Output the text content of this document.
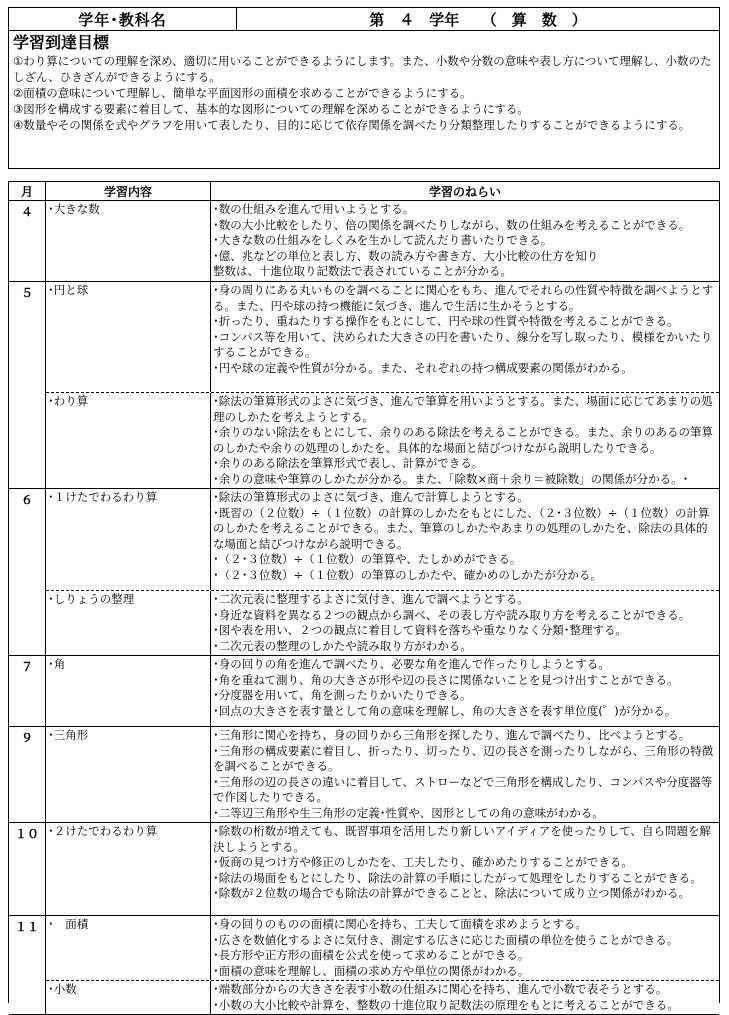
学年･教科名	第　４　学年　　（　算　数　）
学習到達目標
①わり算についての理解を深め、適切に用いることができるようにします。また、小数や分数の意味や表し方について理解し、小数のたしざん、ひきざんができるようにする。
②面積の意味について理解し、簡単な平面図形の面積を求めることができるようにする。
③図形を構成する要素に着目して、基本的な図形についての理解を深めることができるようにする。
④数量やその関係を式やグラフを用いて表したり、目的に応じて依存関係を調べたり分類整理したりすることができるようにする。
月	学習内容	学習のねらい
４	･大きな数	･数の仕組みを進んで用いようとする。
･数の大小比較をしたり、倍の関係を調べたりしながら、数の仕組みを考えることができる。
･大きな数の仕組みをしくみを生かして読んだり書いたりできる。
･億、兆などの単位と表し方、数の読み方や書き方、大小比較の仕方を知り
整数は、十進位取り記数法で表されていることが分かる。
５	･円と球	･身の周りにある丸いものを調べることに関心をもち、進んでそれらの性質や特徴を調べようとする。また、円や球の持つ機能に気づき、進んで生活に生かそうとする。
･折ったり、重ねたりする操作をもとにして、円や球の性質や特徴を考えることができる。
･コンパス等を用いて、決められた大きさの円を書いたり、線分を写し取ったり、模様をかいたりすることができる。
･円や球の定義や性質が分かる。また、それぞれの持つ構成要素の関係がわかる。
･わり算	･除法の筆算形式のよさに気づき、進んで筆算を用いようとする。また、場面に応じてあまりの処理のしかたを考えようとする。
･余りのない除法をもとにして、余りのある除法を考えることができる。また、余りのあるの筆算のしかたや余りの処理のしかたを、具体的な場面と結びつけながら説明したりできる。
･余りのある除法を筆算形式で表し、計算ができる。
･余りの意味や筆算のしかたが分かる。また、「除数×商＋余り＝被除数」の関係が分かる。･
６	･１けたでわるわり算	･除法の筆算形式のよさに気づき、進んで計算しようとする。
･既習の（２位数）÷（１位数）の計算のしかたをもとにした、（２･３位数）÷（１位数）の計算のしかたを考えることができる。また、筆算のしかたやあまりの処理のしかたを、除法の具体的な場面と結びつけながら説明できる。
･（２･３位数）÷（１位数）の筆算や、たしかめができる。
･（２･３位数）÷（１位数）の筆算のしかたや、確かめのしかたが分かる。
･しりょうの整理	･二次元表に整理するよさに気付き、進んで調べようとする。
･身近な資料を異なる２つの観点から調べ、その表し方や読み取り方を考えることができる。
･図や表を用い、２つの観点に着目して資料を落ちや重なりなく分類･整理する。
･二次元表の整理のしかたや読み取り方がわかる。
７	･角	･身の回りの角を進んで調べたり、必要な角を進んで作ったりしようとする。
･角を重ねて測り、角の大きさが形や辺の長さに関係ないことを見つけ出すことができる。
･分度器を用いて、角を測ったりかいたりできる。
･回点の大きさを表す量として角の意味を理解し、角の大きさを表す単位度(゜)が分かる。
９	･三角形	･三角形に関心を持ち、身の回りから三角形を探したり、進んで調べたり、比べようとする。
･三角形の構成要素に着目し、折ったり、切ったり、辺の長さを測ったりしながら、三角形の特徴を調べることができる。
･三角形の辺の長さの違いに着目して、ストローなどで三角形を構成したり、コンパスや分度器等で作図したりできる。
･二等辺三角形や生三角形の定義･性質や、図形としての角の意味がわかる。
１０ ･２けたでわるわり算	･除数の桁数が増えても、既習事項を活用したり新しいアイディアを使ったりして、自ら問題を解決しようとする。
･仮商の見つけ方や修正のしかたを、工夫したり、確かめたりすることができる。
･除法の場面をもとにしたり、除法の計算の手順にしたがって処理をしたりすることができる。
･除数が２位数の場合でも除法の計算ができることと、除法について成り立つ関係がわかる。
１１ ･　面積	･身の回りのものの面積に関心を持ち、工夫して面積を求めようとする。
･広さを数値化するよさに気付き、測定する広さに応じた面積の単位を使うことができる。
･長方形や正方形の面積を公式を使って求めることができる。
･面積の意味を理解し、面積の求め方や単位の関係がわかる。
･小数	･端数部分からの大きさを表す小数の仕組みに関心を持ち、進んで小数で表そうとする。
･小数の大小比較や計算を、整数の十進位取り記数法の原理をもとに考えることができる。
